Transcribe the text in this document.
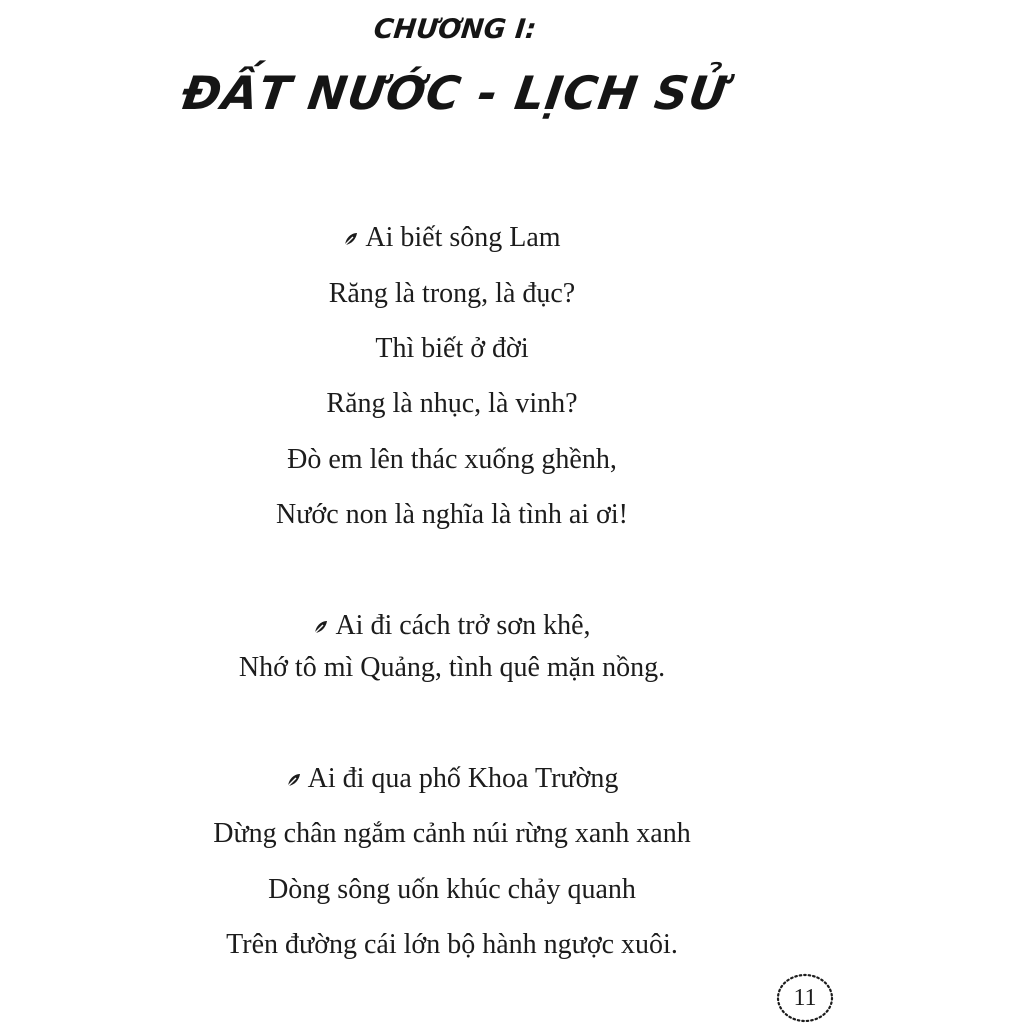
CHƯƠNG I:
ĐẤT NƯỚC - LỊCH SỬ
Ai biết sông Lam
Răng là trong, là đục?
Thì biết ở đời
Răng là nhục, là vinh?
Đò em lên thác xuống ghềnh,
Nước non là nghĩa là tình ai ơi!
Ai đi cách trở sơn khê,
Nhớ tô mì Quảng, tình quê mặn nồng.
Ai đi qua phố Khoa Trường
Dừng chân ngắm cảnh núi rừng xanh xanh
Dòng sông uốn khúc chảy quanh
Trên đường cái lớn bộ hành ngược xuôi.
11
